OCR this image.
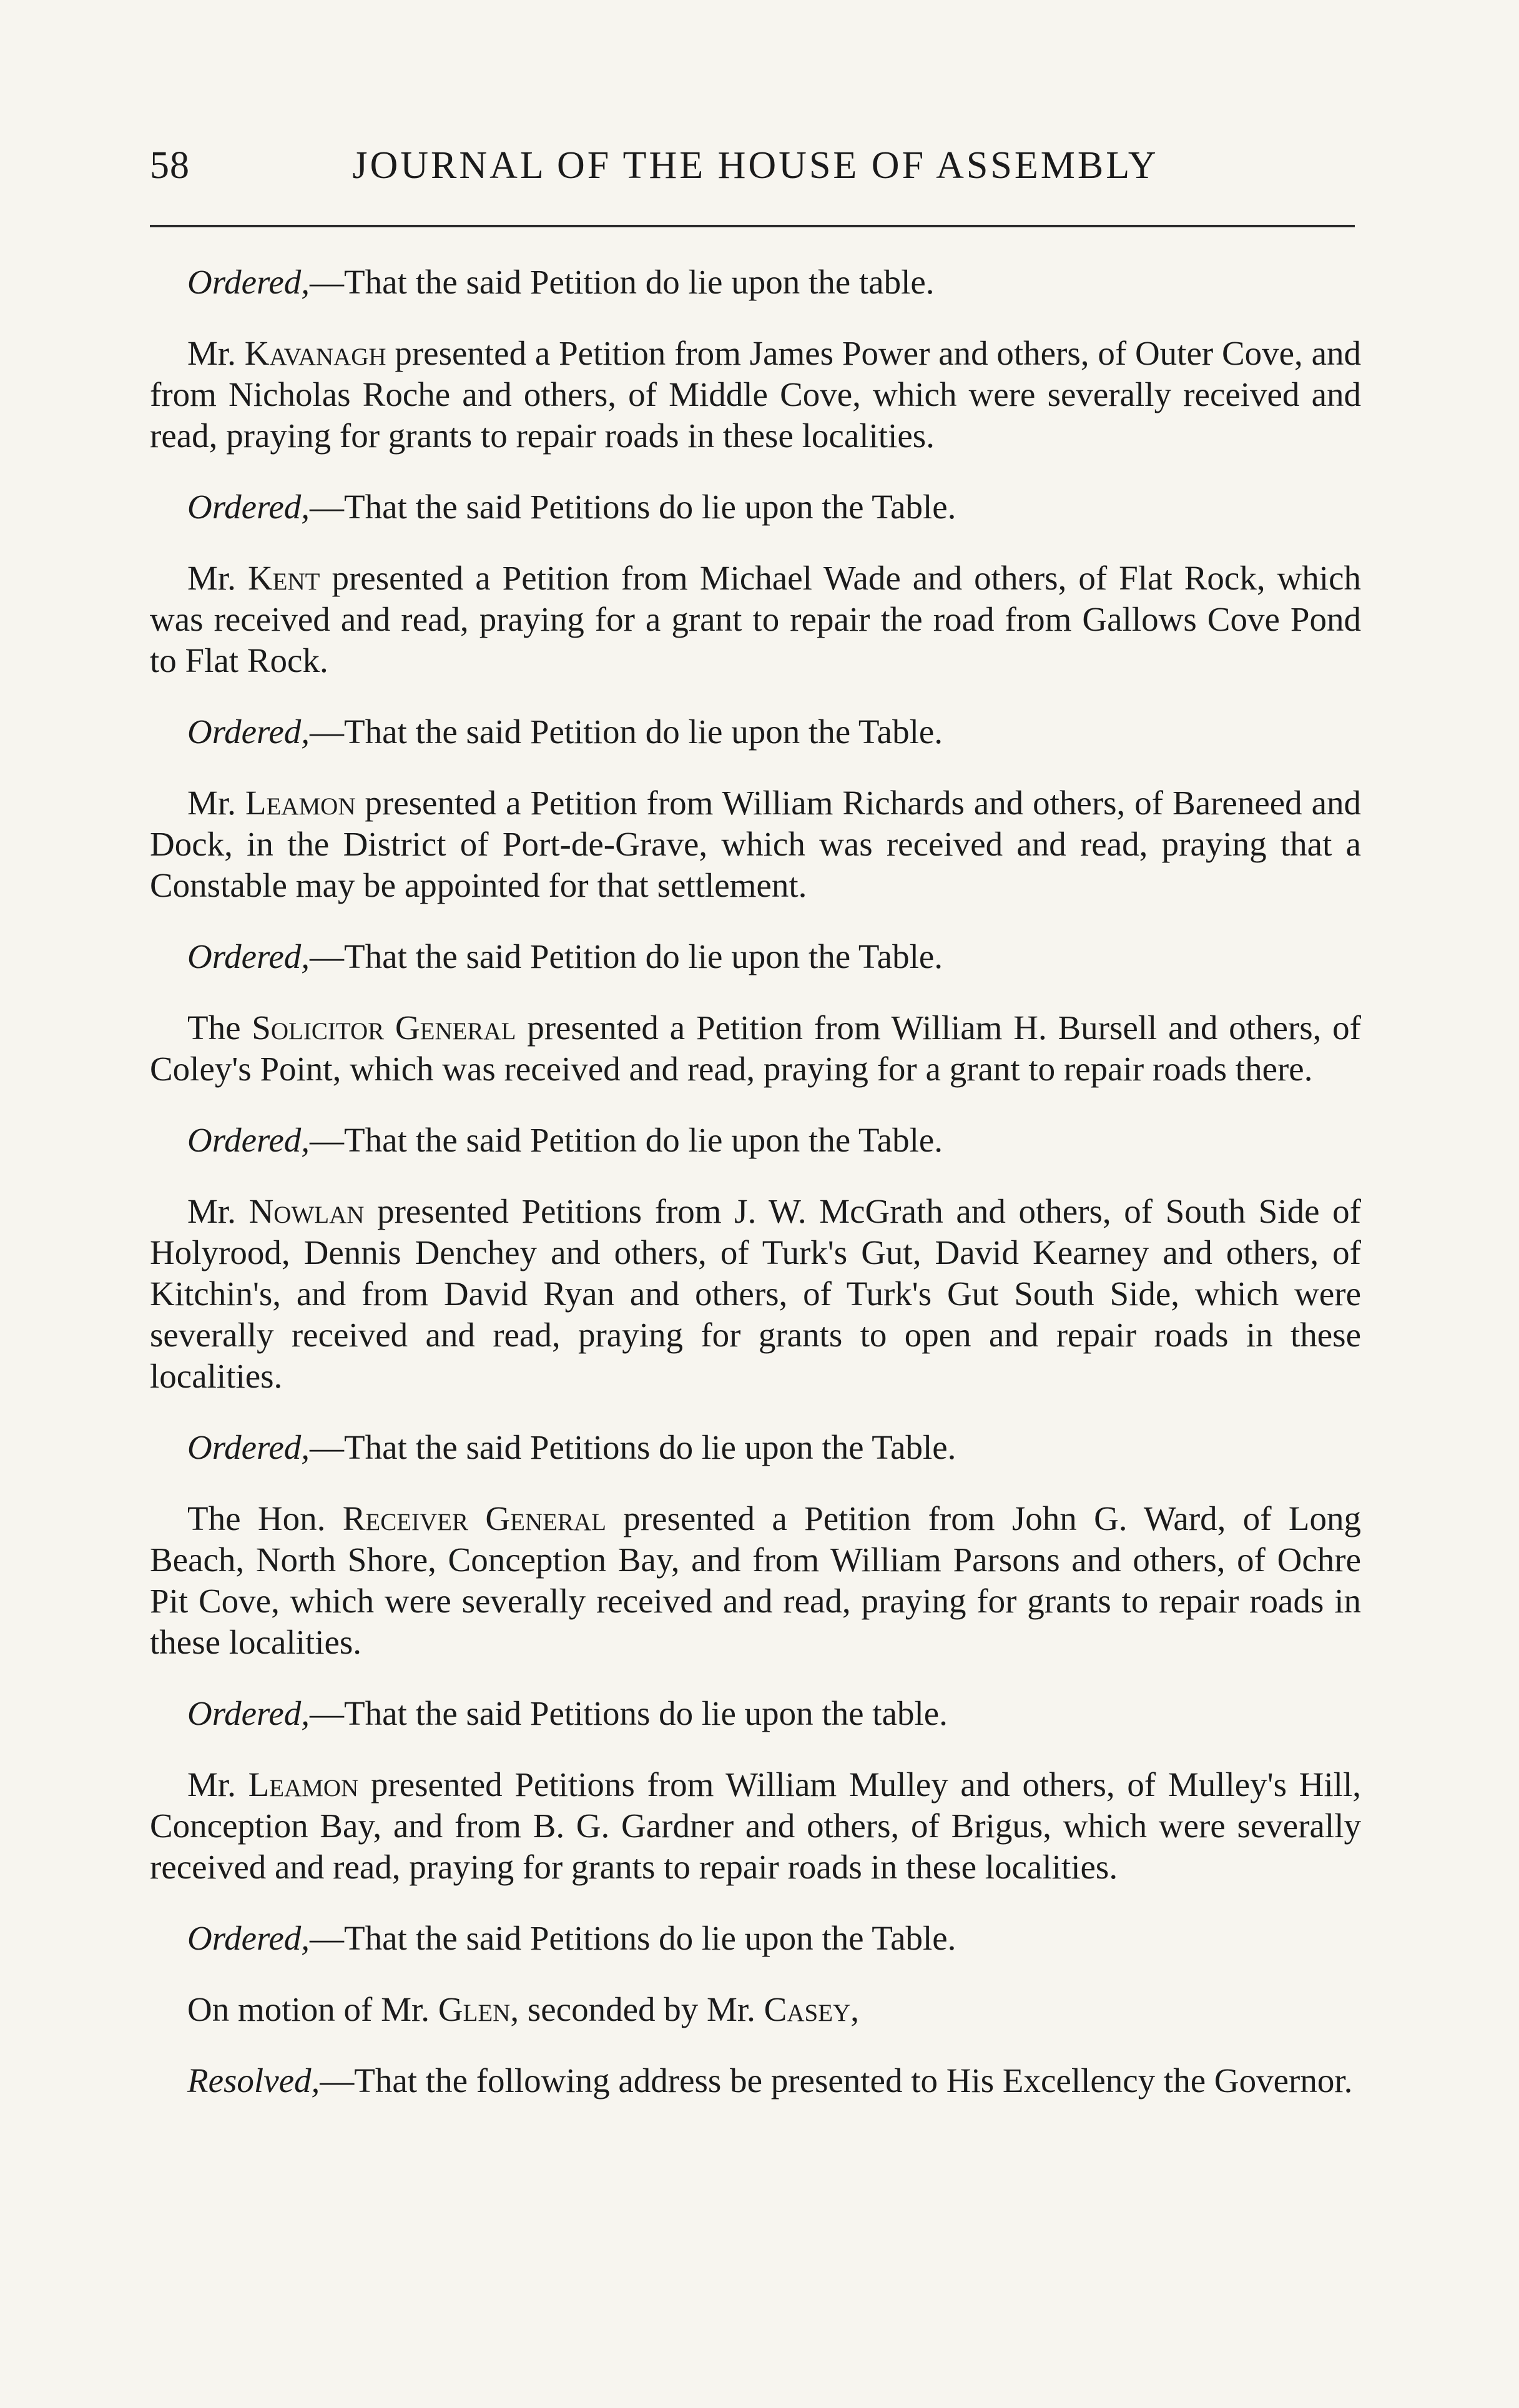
58	JOURNAL OF THE HOUSE OF ASSEMBLY

Ordered,—That the said Petition do lie upon the table.

Mr. Kavanagh presented a Petition from James Power and others, of Outer Cove, and from Nicholas Roche and others, of Middle Cove, which were severally received and read, praying for grants to repair roads in these localities.

Ordered,—That the said Petitions do lie upon the Table.

Mr. Kent presented a Petition from Michael Wade and others, of Flat Rock, which was received and read, praying for a grant to repair the road from Gallows Cove Pond to Flat Rock.

Ordered,—That the said Petition do lie upon the Table.

Mr. Leamon presented a Petition from William Richards and others, of Bareneed and Dock, in the District of Port-de-Grave, which was received and read, praying that a Constable may be appointed for that settlement.

Ordered,—That the said Petition do lie upon the Table.

The Solicitor General presented a Petition from William H. Bursell and others, of Coley's Point, which was received and read, praying for a grant to repair roads there.

Ordered,—That the said Petition do lie upon the Table.

Mr. Nowlan presented Petitions from J. W. McGrath and others, of South Side of Holyrood, Dennis Denchey and others, of Turk's Gut, David Kearney and others, of Kitchin's, and from David Ryan and others, of Turk's Gut South Side, which were severally received and read, praying for grants to open and repair roads in these localities.

Ordered,—That the said Petitions do lie upon the Table.

The Hon. Receiver General presented a Petition from John G. Ward, of Long Beach, North Shore, Conception Bay, and from William Parsons and others, of Ochre Pit Cove, which were severally received and read, praying for grants to repair roads in these localities.

Ordered,—That the said Petitions do lie upon the table.

Mr. Leamon presented Petitions from William Mulley and others, of Mulley's Hill, Conception Bay, and from B. G. Gardner and others, of Brigus, which were severally received and read, praying for grants to repair roads in these localities.

Ordered,—That the said Petitions do lie upon the Table.

On motion of Mr. Glen, seconded by Mr. Casey,

Resolved,—That the following address be presented to His Excellency the Governor.
